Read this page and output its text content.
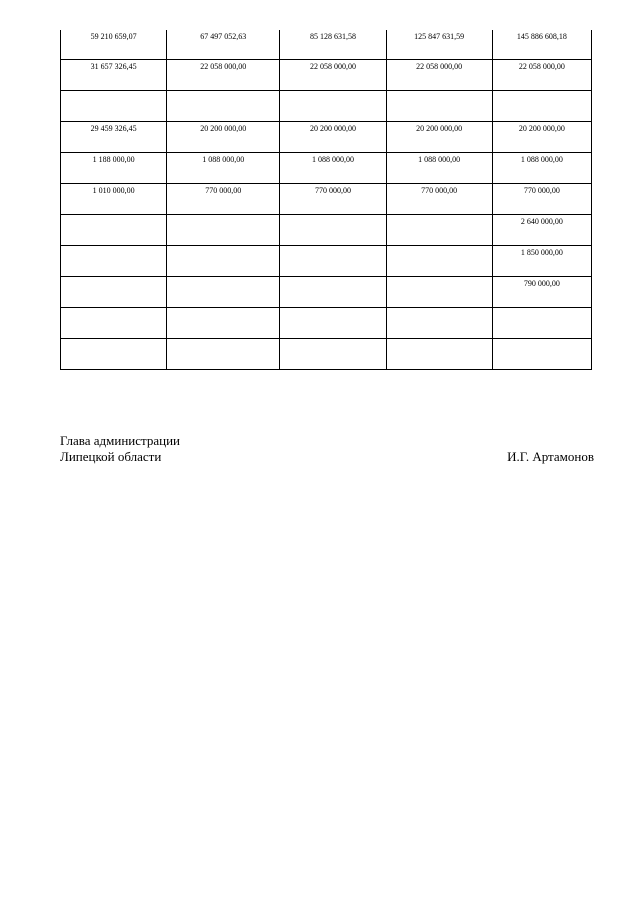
59 210 659,07	67 497 052,63	85 128 631,58	125 847 631,59	145 886 608,18
31 657 326,45	22 058 000,00	22 058 000,00	22 058 000,00	22 058 000,00

29 459 326,45	20 200 000,00	20 200 000,00	20 200 000,00	20 200 000,00
1 188 000,00	1 088 000,00	1 088 000,00	1 088 000,00	1 088 000,00
1 010 000,00	770 000,00	770 000,00	770 000,00	770 000,00
				2 640 000,00
				1 850 000,00
				790 000,00

Глава администрации
Липецкой области	И.Г. Артамонов
